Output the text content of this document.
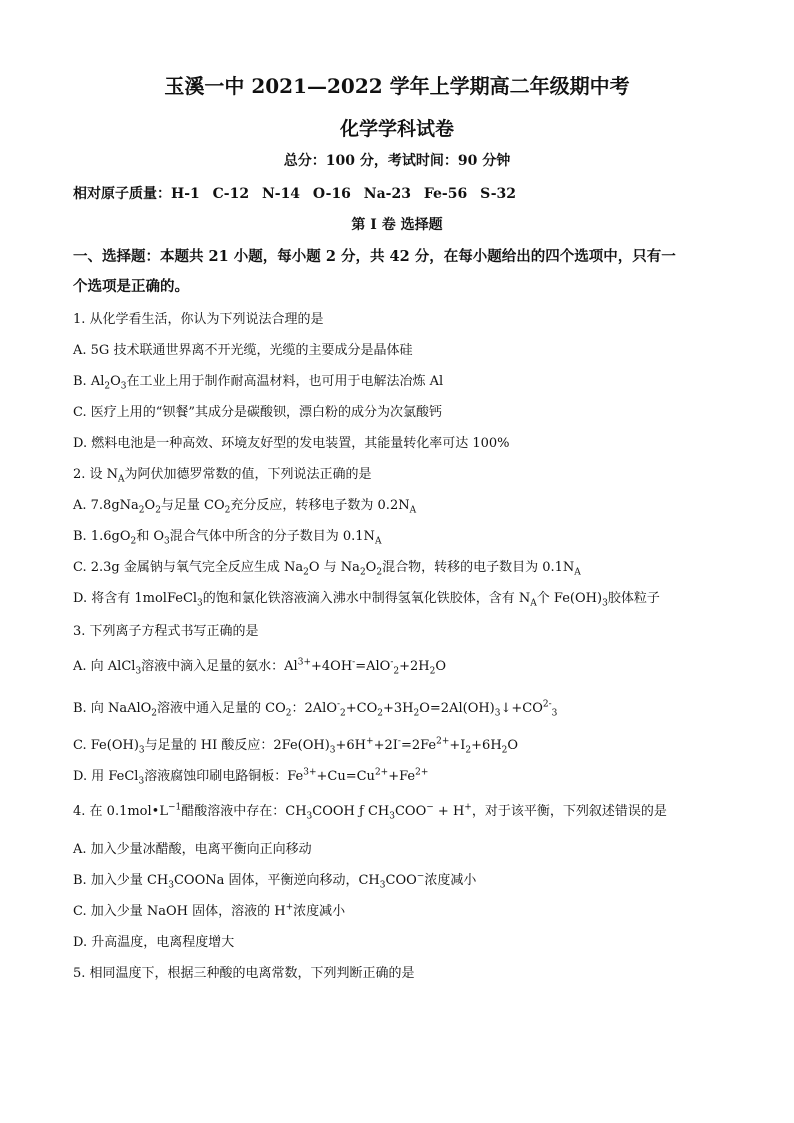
玉溪一中 2021—2022 学年上学期高二年级期中考
化学学科试卷
总分：100 分，考试时间：90 分钟
相对原子质量：H-1 C-12 N-14 O-16 Na-23 Fe-56 S-32
第 I 卷 选择题
一、选择题：本题共 21 小题，每小题 2 分，共 42 分，在每小题给出的四个选项中，只有一
个选项是正确的。
1. 从化学看生活，你认为下列说法合理的是
A. 5G 技术联通世界离不开光缆，光缆的主要成分是晶体硅
B. $Al_2O_3$在工业上用于制作耐高温材料，也可用于电解法冶炼 Al
C. 医疗上用的“钡餐”其成分是碳酸钡，漂白粉的成分为次氯酸钙
D. 燃料电池是一种高效、环境友好型的发电装置，其能量转化率可达 100%
2. 设 $N_A$为阿伏加德罗常数的值，下列说法正确的是
A. $7.8gNa_2O_2$与足量 $CO_2$充分反应，转移电子数为 $0.2N_A$
B. $1.6gO_2$和 $O_3$混合气体中所含的分子数目为 $0.1N_A$
C. 2.3g 金属钠与氧气完全反应生成 $Na_2O$ 与 $Na_2O_2$混合物，转移的电子数目为 $0.1N_A$
D. 将含有 1molFeCl$_3$的饱和氯化铁溶液滴入沸水中制得氢氧化铁胶体，含有 $N_A$个 $Fe(OH)_3$胶体粒子
3. 下列离子方程式书写正确的是
A. 向 AlCl$_3$溶液中滴入足量的氨水：$Al^{3+}+4OH^-=AlO^-_2+2H_2O$
B. 向 NaAlO$_2$溶液中通入足量的 $CO_2$：$2AlO^-_2+CO_2+3H_2O=2Al(OH)_3↓+CO^{2-}_3$
C. $Fe(OH)_3$与足量的 HI 酸反应：$2Fe(OH)_3+6H^++2I^-=2Fe^{2+}+I_2+6H_2O$
D. 用 FeCl$_3$溶液腐蚀印刷电路铜板：$Fe^{3+}+Cu=Cu^{2+}+Fe^{2+}$
4. 在 $0.1mol•L^{-1}$醋酸溶液中存在：$CH_3COOH$ ƒ $CH_3COO^- + H^+$，对于该平衡，下列叙述错误的是
A. 加入少量冰醋酸，电离平衡向正向移动
B. 加入少量 $CH_3COONa$ 固体，平衡逆向移动，$CH_3COO^-$浓度减小
C. 加入少量 NaOH 固体，溶液的 H+浓度减小
D. 升高温度，电离程度增大
5. 相同温度下，根据三种酸的电离常数，下列判断正确的是
